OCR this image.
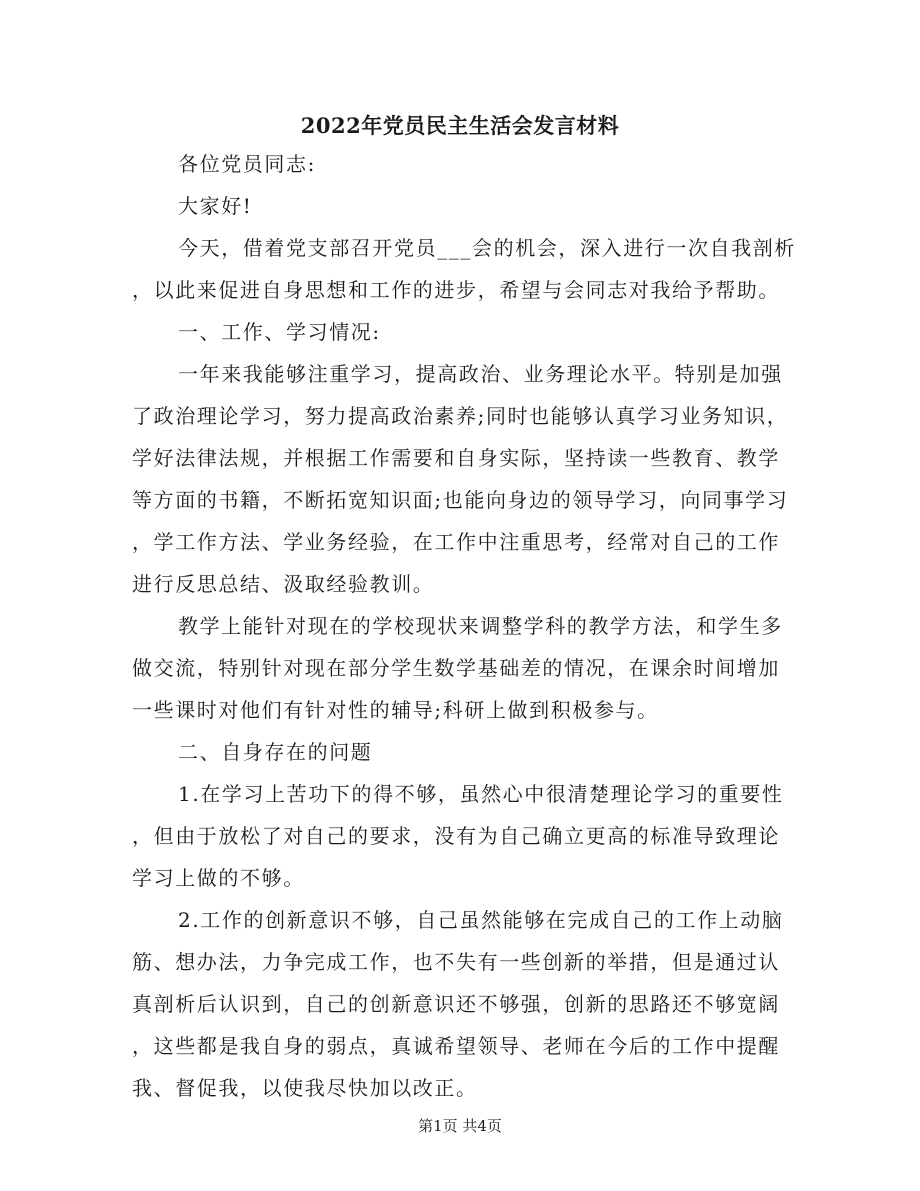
2022年党员民主生活会发言材料
各位党员同志:
大家好!
今天，借着党支部召开党员___会的机会，深入进行一次自我剖析
，以此来促进自身思想和工作的进步，希望与会同志对我给予帮助。
一、工作、学习情况:
一年来我能够注重学习，提高政治、业务理论水平。特别是加强
了政治理论学习，努力提高政治素养;同时也能够认真学习业务知识，
学好法律法规，并根据工作需要和自身实际，坚持读一些教育、教学
等方面的书籍，不断拓宽知识面;也能向身边的领导学习，向同事学习
，学工作方法、学业务经验，在工作中注重思考，经常对自己的工作
进行反思总结、汲取经验教训。
教学上能针对现在的学校现状来调整学科的教学方法，和学生多
做交流，特别针对现在部分学生数学基础差的情况，在课余时间增加
一些课时对他们有针对性的辅导;科研上做到积极参与。
二、自身存在的问题
1.在学习上苦功下的得不够，虽然心中很清楚理论学习的重要性
，但由于放松了对自己的要求，没有为自己确立更高的标准导致理论
学习上做的不够。
2.工作的创新意识不够，自己虽然能够在完成自己的工作上动脑
筋、想办法，力争完成工作，也不失有一些创新的举措，但是通过认
真剖析后认识到，自己的创新意识还不够强，创新的思路还不够宽阔
，这些都是我自身的弱点，真诚希望领导、老师在今后的工作中提醒
第1页 共4页
我、督促我，以使我尽快加以改正。
